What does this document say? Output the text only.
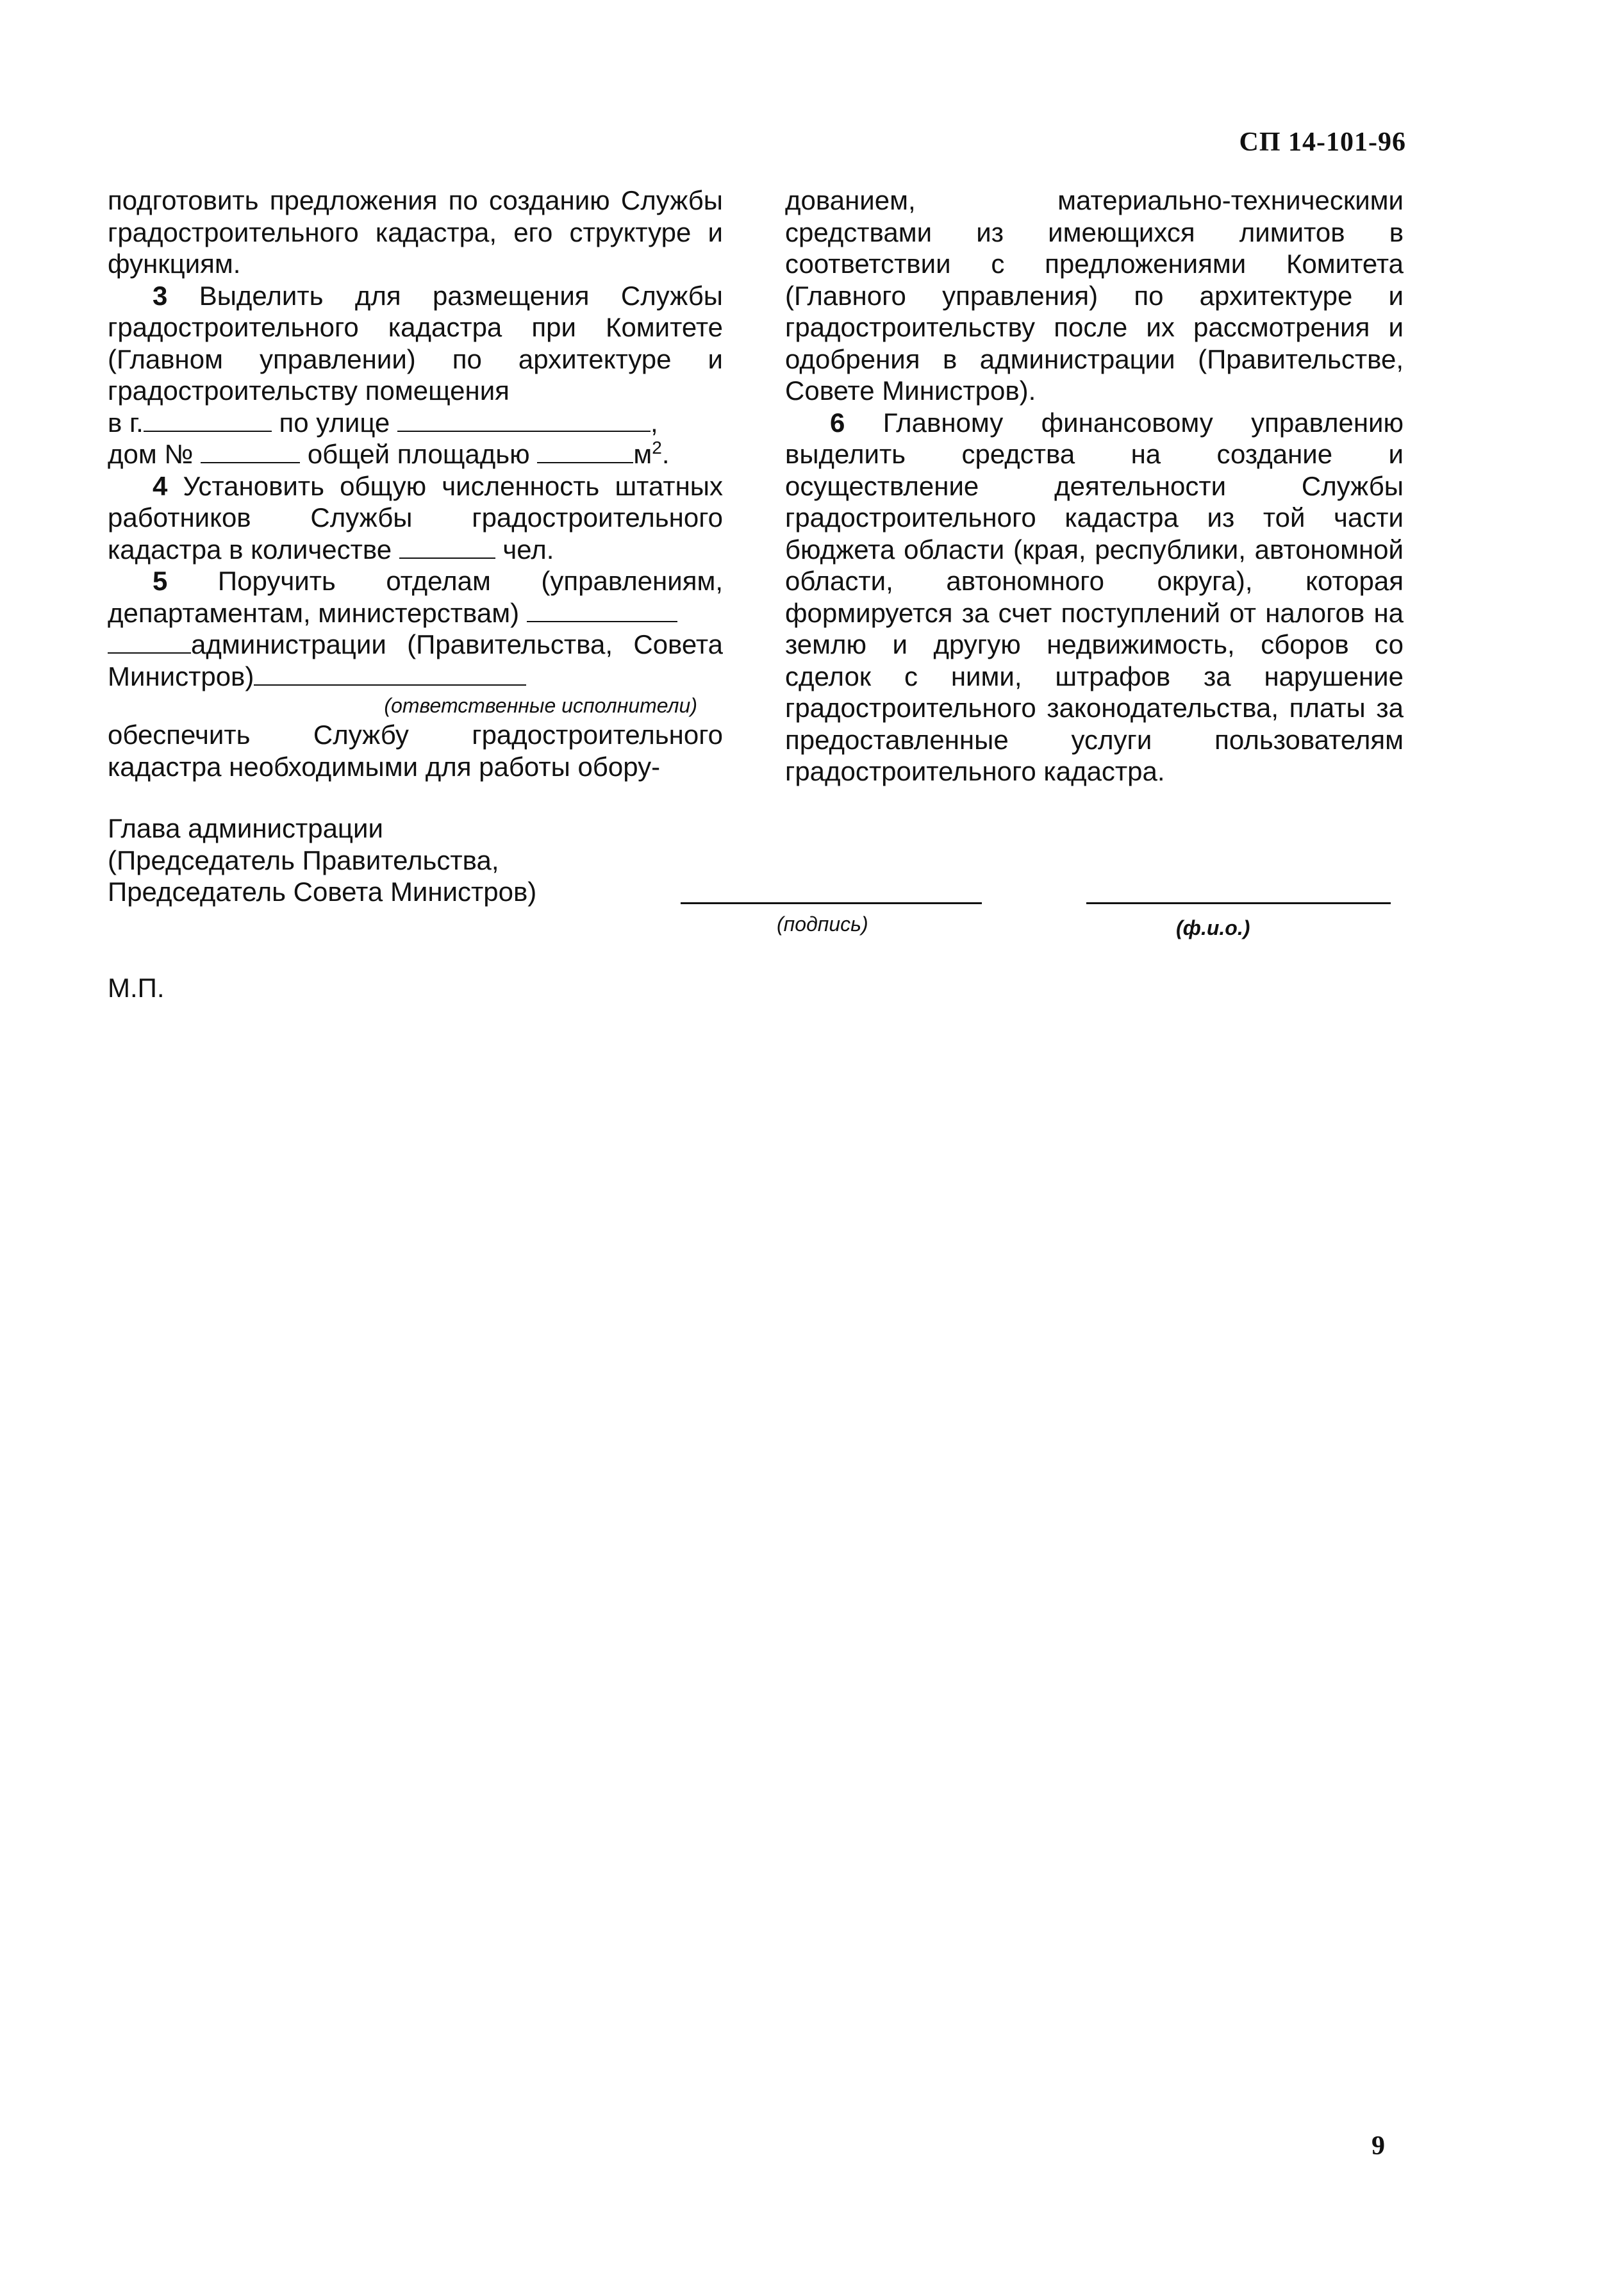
СП 14-101-96

подготовить предложения по созданию Службы градостроительного кадастра, его структуре и функциям.

3 Выделить для размещения Службы градостроительного кадастра при Комитете (Главном управлении) по архитектуре и градостроительству помещения

в г.	по улице	,

дом №	общей площадью	$м^2$.

4 Установить общую численность штатных работников Службы градостроительного кадастра в количестве	чел.

5 Поручить отделам (управлениям, департаментам, министерствам)

администрации (Правительства, Совета Министров)

(ответственные исполнители)

обеспечить Службу градостроительного кадастра необходимыми для работы обору-

дованием, материально-техническими средствами из имеющихся лимитов в соответствии с предложениями Комитета (Главного управления) по архитектуре и градостроительству после их рассмотрения и одобрения в администрации (Правительстве, Совете Министров).

6 Главному финансовому управлению выделить средства на создание и осуществление деятельности Службы градостроительного кадастра из той части бюджета области (края, республики, автономной области, автономного округа), которая формируется за счет поступлений от налогов на землю и другую недвижимость, сборов со сделок с ними, штрафов за нарушение градостроительного законодательства, платы за предоставленные услуги пользователям градостроительного кадастра.

Глава администрации
(Председатель Правительства,
Председатель Совета Министров)
(подпись)	(ф.и.о.)
М.П.
9
